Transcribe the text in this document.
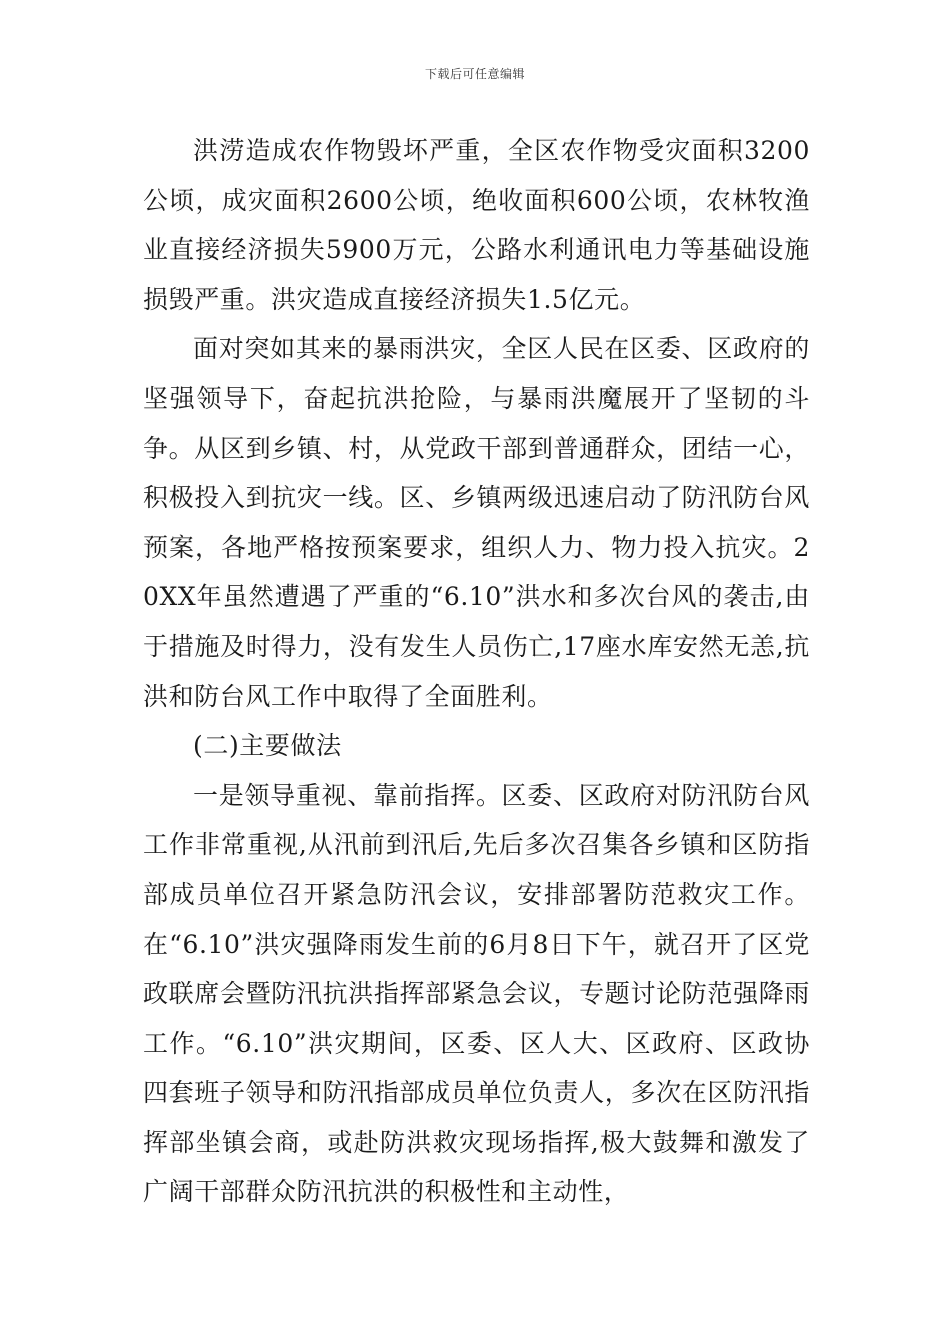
下载后可任意编辑

洪涝造成农作物毁坏严重，全区农作物受灾面积3200公顷，成灾面积2600公顷，绝收面积600公顷，农林牧渔业直接经济损失5900万元，公路水利通讯电力等基础设施损毁严重。洪灾造成直接经济损失1.5亿元。

面对突如其来的暴雨洪灾，全区人民在区委、区政府的坚强领导下，奋起抗洪抢险，与暴雨洪魔展开了坚韧的斗争。从区到乡镇、村，从党政干部到普通群众，团结一心，积极投入到抗灾一线。区、乡镇两级迅速启动了防汛防台风预案，各地严格按预案要求，组织人力、物力投入抗灾。20XX年虽然遭遇了严重的“6.10”洪水和多次台风的袭击,由于措施及时得力，没有发生人员伤亡,17座水库安然无恙,抗洪和防台风工作中取得了全面胜利。

(二)主要做法

一是领导重视、靠前指挥。区委、区政府对防汛防台风工作非常重视,从汛前到汛后,先后多次召集各乡镇和区防指部成员单位召开紧急防汛会议，安排部署防范救灾工作。在“6.10”洪灾强降雨发生前的6月8日下午，就召开了区党政联席会暨防汛抗洪指挥部紧急会议，专题讨论防范强降雨工作。“6.10”洪灾期间，区委、区人大、区政府、区政协四套班子领导和防汛指部成员单位负责人，多次在区防汛指挥部坐镇会商，或赴防洪救灾现场指挥,极大鼓舞和激发了广阔干部群众防汛抗洪的积极性和主动性，
